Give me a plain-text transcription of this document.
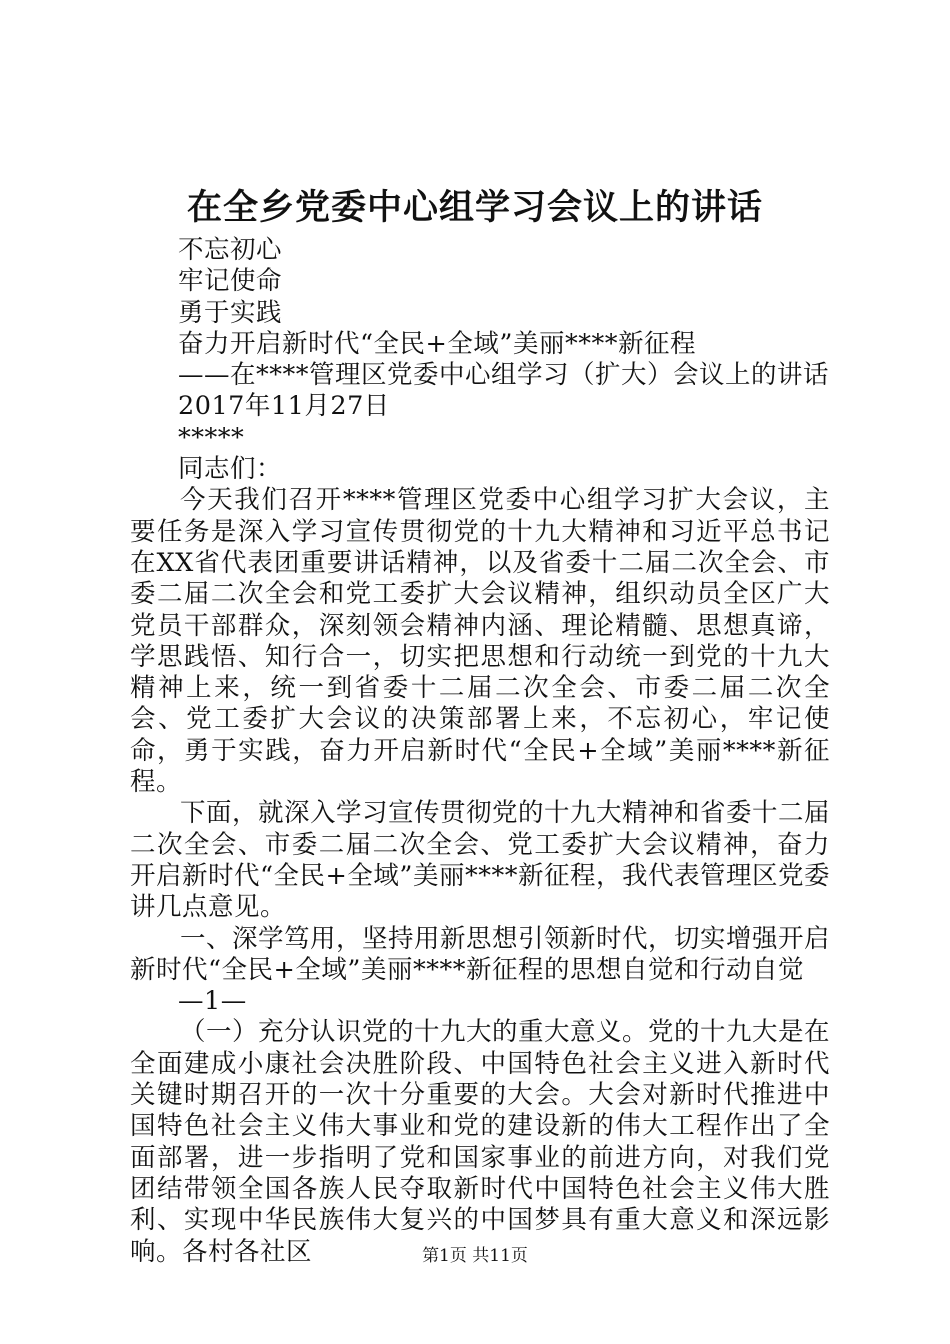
在全乡党委中心组学习会议上的讲话
不忘初心
牢记使命
勇于实践
奋力开启新时代“全民+全域”美丽****新征程
——在****管理区党委中心组学习（扩大）会议上的讲话
2017年11月27日
*****
同志们：

今天我们召开****管理区党委中心组学习扩大会议，主要任务是深入学习宣传贯彻党的十九大精神和习近平总书记在XX省代表团重要讲话精神，以及省委十二届二次全会、市委二届二次全会和党工委扩大会议精神，组织动员全区广大党员干部群众，深刻领会精神内涵、理论精髓、思想真谛，学思践悟、知行合一，切实把思想和行动统一到党的十九大精神上来，统一到省委十二届二次全会、市委二届二次全会、党工委扩大会议的决策部署上来，不忘初心，牢记使命，勇于实践，奋力开启新时代“全民+全域”美丽****新征程。

下面，就深入学习宣传贯彻党的十九大精神和省委十二届二次全会、市委二届二次全会、党工委扩大会议精神，奋力开启新时代“全民+全域”美丽****新征程，我代表管理区党委讲几点意见。

一、深学笃用，坚持用新思想引领新时代，切实增强开启新时代“全民+全域”美丽****新征程的思想自觉和行动自觉

—1—

（一）充分认识党的十九大的重大意义。党的十九大是在全面建成小康社会决胜阶段、中国特色社会主义进入新时代关键时期召开的一次十分重要的大会。大会对新时代推进中国特色社会主义伟大事业和党的建设新的伟大工程作出了全面部署，进一步指明了党和国家事业的前进方向，对我们党团结带领全国各族人民夺取新时代中国特色社会主义伟大胜利、实现中华民族伟大复兴的中国梦具有重大意义和深远影响。各村各社区	第1页 共11页
